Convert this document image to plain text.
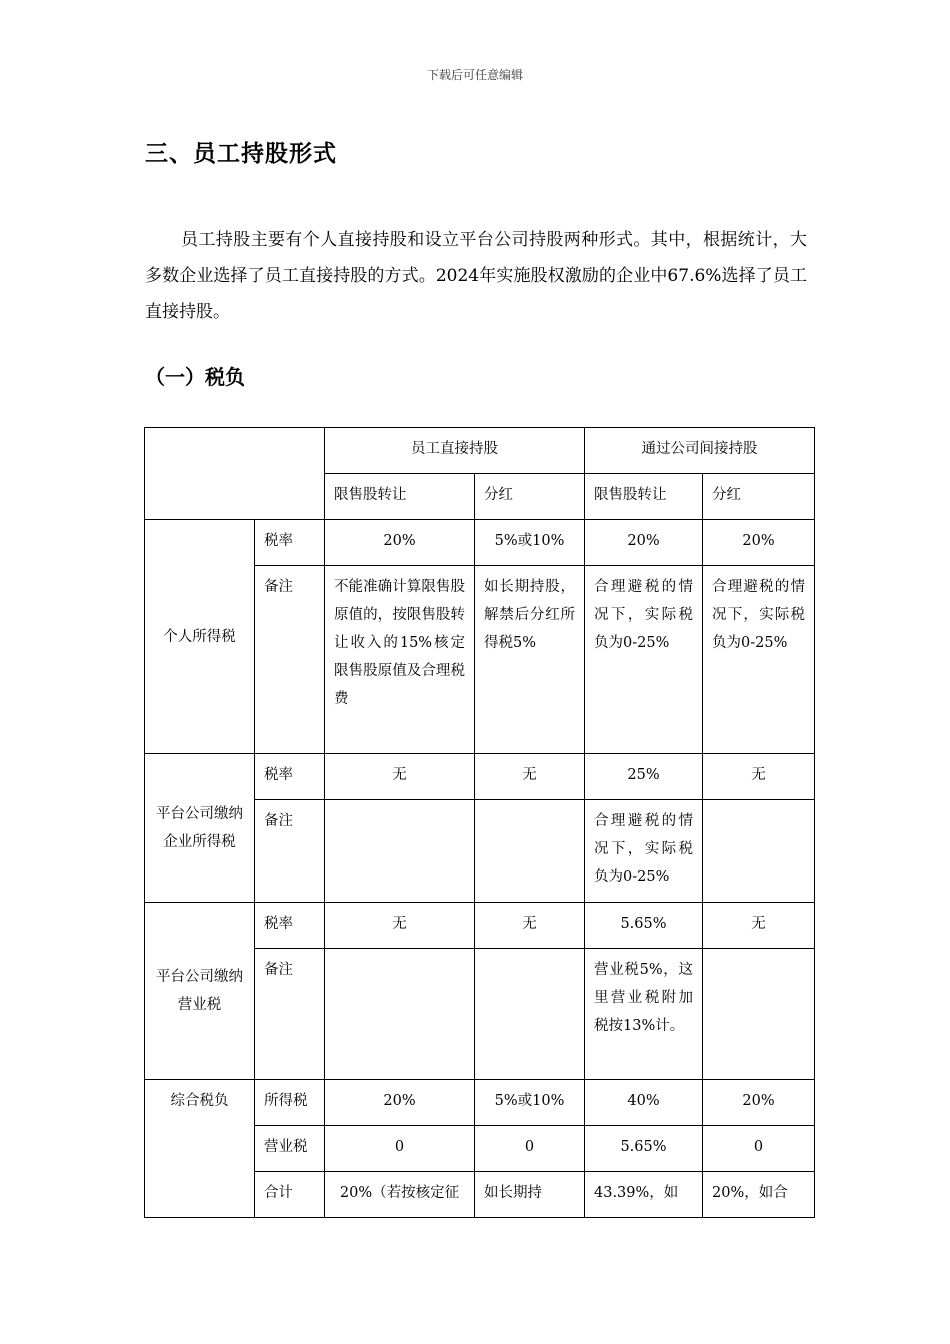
下载后可任意编辑
三、员工持股形式

员工持股主要有个人直接持股和设立平台公司持股两种形式。其中，根据统计，大多数企业选择了员工直接持股的方式。2024年实施股权激励的企业中67.6%选择了员工直接持股。

（一）税负
		员工直接持股		通过公司间接持股	
		限售股转让	分红	限售股转让	分红
个人所得税	税率	20%	5%或10%	20%	20%
	备注	不能准确计算限售股原值的，按限售股转让收入的15%核定限售股原值及合理税费	如长期持股，解禁后分红所得税5%	合理避税的情况下，实际税负为0-25%	合理避税的情况下，实际税负为0-25%
平台公司缴纳企业所得税	税率	无	无	25%	无
	备注			合理避税的情况下，实际税负为0-25%	
平台公司缴纳营业税	税率	无	无	5.65%	无
	备注			营业税5%，这里营业税附加税按13%计。	
综合税负	所得税	20%	5%或10%	40%	20%
	营业税	0	0	5.65%	0
	合计	20%（若按核定征	如长期持	43.39%，如	20%，如合
